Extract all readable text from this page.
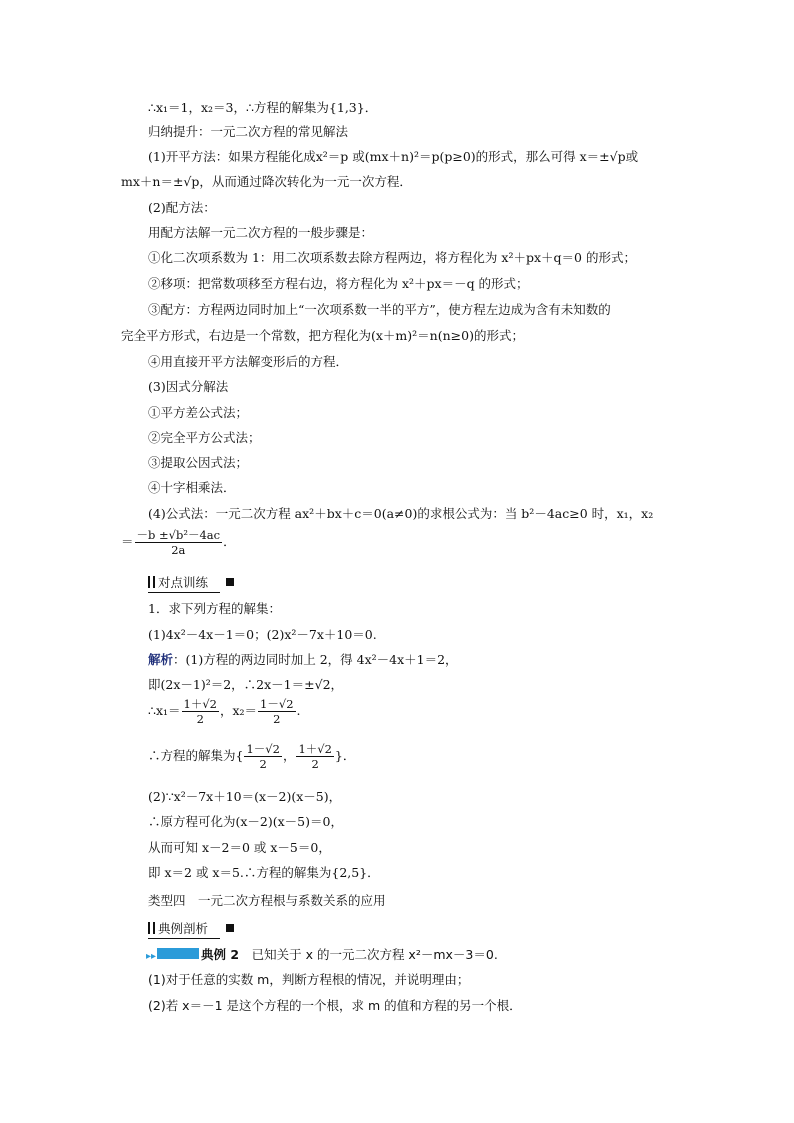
∴x₁＝1，x₂＝3，∴方程的解集为{1,3}．
归纳提升：一元二次方程的常见解法
(1)开平方法：如果方程能化成x²＝p 或(mx＋n)²＝p(p≥0)的形式，那么可得 x＝±√p或
mx＋n＝±√p，从而通过降次转化为一元一次方程．
(2)配方法：
用配方法解一元二次方程的一般步骤是：
①化二次项系数为 1：用二次项系数去除方程两边，将方程化为 x²＋px＋q＝0 的形式；
②移项：把常数项移至方程右边，将方程化为 x²＋px＝－q 的形式；
③配方：方程两边同时加上“一次项系数一半的平方”，使方程左边成为含有未知数的
完全平方形式，右边是一个常数，把方程化为(x＋m)²＝n(n≥0)的形式；
④用直接开平方法解变形后的方程．
(3)因式分解法
①平方差公式法；
②完全平方公式法；
③提取公因式法；
④十字相乘法．
(4)公式法：一元二次方程 ax²＋bx＋c＝0(a≠0)的求根公式为：当 b²－4ac≥0 时，x₁，x₂
＝ $\frac{\text{－b ±√b²－4ac}}{2a}$ ．
对点训练
1．求下列方程的解集：
(1)4x²－4x－1＝0；(2)x²－7x＋10＝0.
解析：(1)方程的两边同时加上 2，得 4x²－4x＋1＝2，
即(2x－1)²＝2，∴2x－1＝±√2，
∴x₁＝ $\frac{1+√2}{2}$ ，$x_2= \frac{1-√2}{2}$ .
∴方程的解集为{ $\frac{1-√2}{2}$ ， $\frac{1+√2}{2}$ }．
(2)∵x²－7x＋10＝(x－2)(x－5)，
∴原方程可化为(x－2)(x－5)＝0，
从而可知 x－2＝0 或 x－5＝0，
即 x＝2 或 x＝5.∴方程的解集为{2,5}．
类型四　一元二次方程根与系数关系的应用
典例剖析
▸▸	典例 2　已知关于 x 的一元二次方程 x²－mx－3＝0.
(1)对于任意的实数 m，判断方程根的情况，并说明理由；
(2)若 x＝－1 是这个方程的一个根，求 m 的值和方程的另一个根．
